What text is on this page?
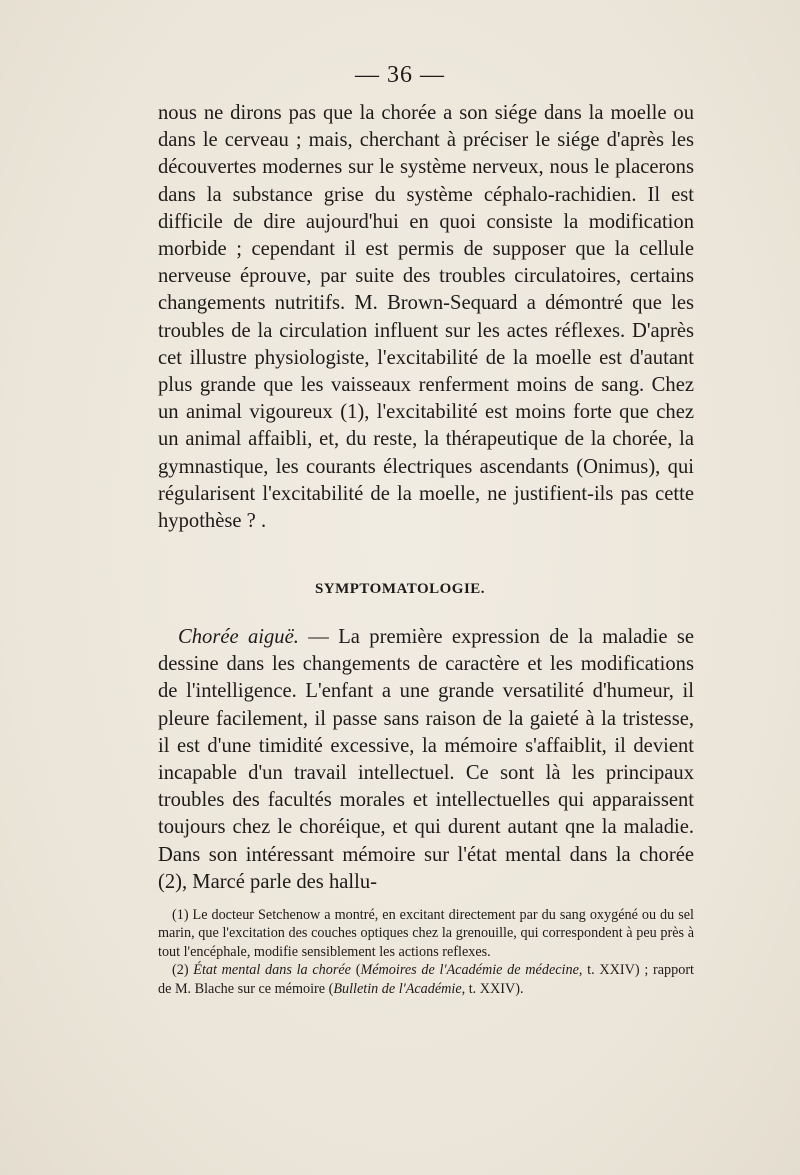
— 36 —

nous ne dirons pas que la chorée a son siége dans la moelle ou dans le cerveau ; mais, cherchant à préciser le siége d'après les découvertes modernes sur le système nerveux, nous le placerons dans la substance grise du système céphalo-rachidien. Il est difficile de dire aujourd'hui en quoi consiste la modification morbide ; cependant il est permis de supposer que la cellule nerveuse éprouve, par suite des troubles circulatoires, certains changements nutritifs. M. Brown-Sequard a démontré que les troubles de la circulation influent sur les actes réflexes. D'après cet illustre physiologiste, l'excitabilité de la moelle est d'autant plus grande que les vaisseaux renferment moins de sang. Chez un animal vigoureux (1), l'excitabilité est moins forte que chez un animal affaibli, et, du reste, la thérapeutique de la chorée, la gymnastique, les courants électriques ascendants (Onimus), qui régularisent l'excitabilité de la moelle, ne justifient-ils pas cette hypothèse ? .

SYMPTOMATOLOGIE.

Chorée aiguë. — La première expression de la maladie se dessine dans les changements de caractère et les modifications de l'intelligence. L'enfant a une grande versatilité d'humeur, il pleure facilement, il passe sans raison de la gaieté à la tristesse, il est d'une timidité excessive, la mémoire s'affaiblit, il devient incapable d'un travail intellectuel. Ce sont là les principaux troubles des facultés morales et intellectuelles qui apparaissent toujours chez le choréique, et qui durent autant qne la maladie. Dans son intéressant mémoire sur l'état mental dans la chorée (2), Marcé parle des hallu-

(1) Le docteur Setchenow a montré, en excitant directement par du sang oxygéné ou du sel marin, que l'excitation des couches optiques chez la grenouille, qui correspondent à peu près à tout l'encéphale, modifie sensiblement les actions reflexes.

(2) État mental dans la chorée (Mémoires de l'Académie de médecine, t. XXIV) ; rapport de M. Blache sur ce mémoire (Bulletin de l'Académie, t. XXIV).
